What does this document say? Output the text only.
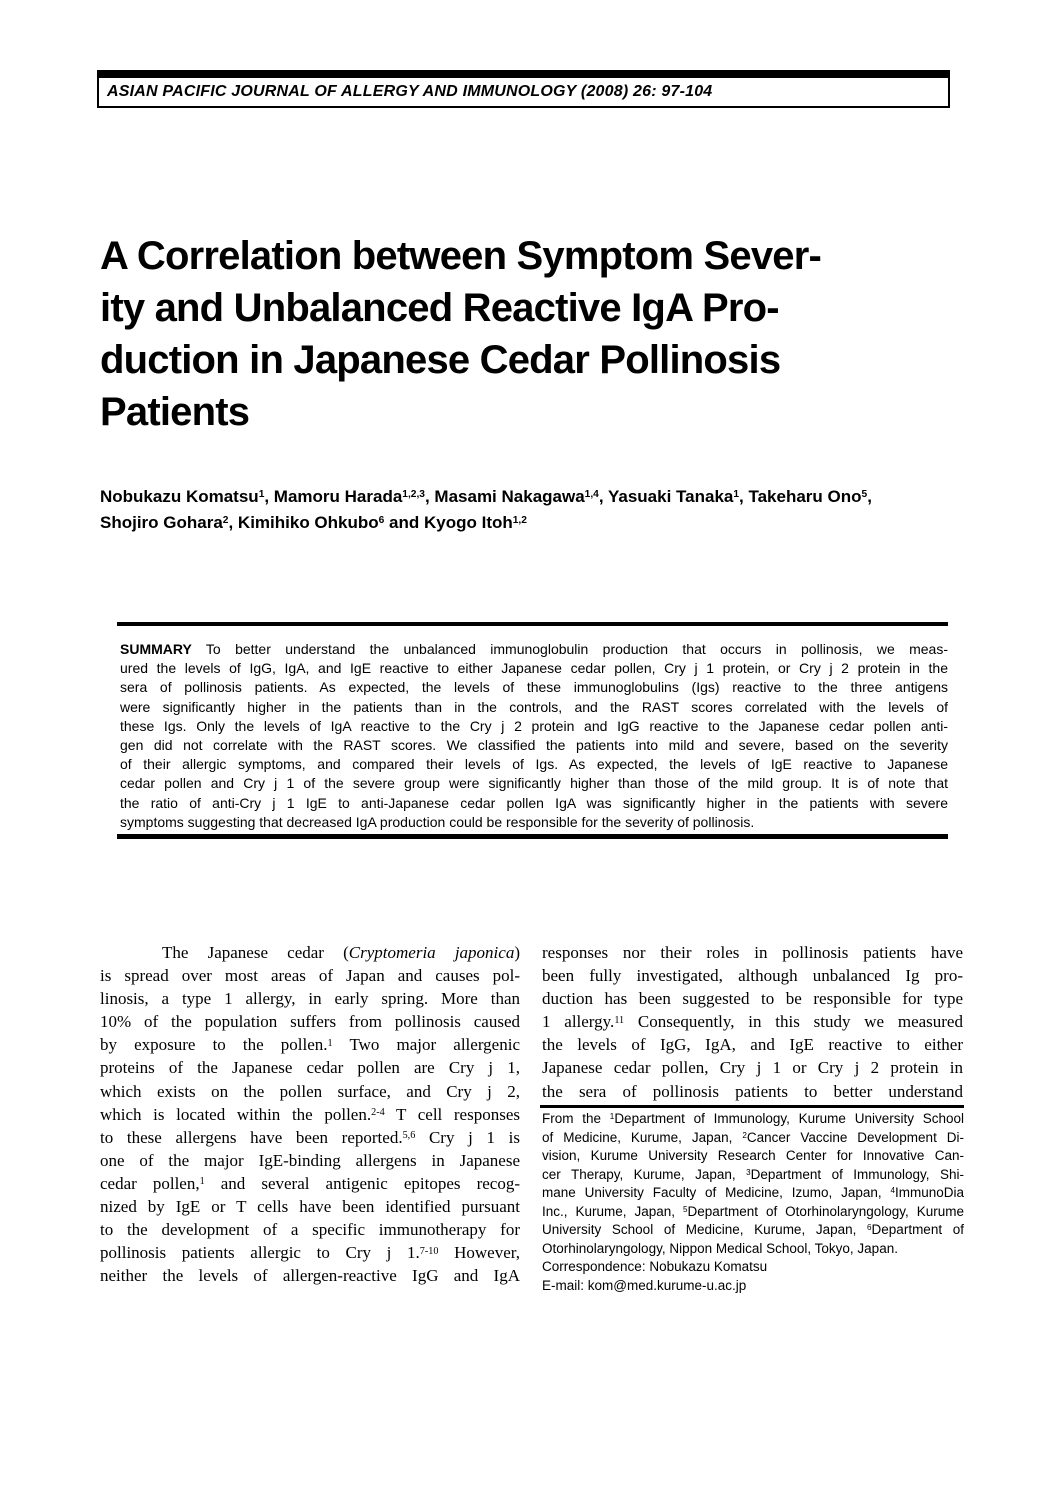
ASIAN PACIFIC JOURNAL OF ALLERGY AND IMMUNOLOGY (2008) 26: 97-104
A Correlation between Symptom Sever-
ity and Unbalanced Reactive IgA Pro-
duction in Japanese Cedar Pollinosis
Patients
Nobukazu Komatsu$^1$, Mamoru Harada$^{1,2,3}$, Masami Nakagawa$^{1,4}$, Yasuaki Tanaka$^1$, Takeharu Ono$^5$,
Shojiro Gohara$^2$, Kimihiko Ohkubo$^6$ and Kyogo Itoh$^{1,2}$
SUMMARY To better understand the unbalanced immunoglobulin production that occurs in pollinosis, we meas-
ured the levels of IgG, IgA, and IgE reactive to either Japanese cedar pollen, Cry j 1 protein, or Cry j 2 protein in the
sera of pollinosis patients. As expected, the levels of these immunoglobulins (Igs) reactive to the three antigens
were significantly higher in the patients than in the controls, and the RAST scores correlated with the levels of
these Igs. Only the levels of IgA reactive to the Cry j 2 protein and IgG reactive to the Japanese cedar pollen anti-
gen did not correlate with the RAST scores. We classified the patients into mild and severe, based on the severity
of their allergic symptoms, and compared their levels of Igs. As expected, the levels of IgE reactive to Japanese
cedar pollen and Cry j 1 of the severe group were significantly higher than those of the mild group. It is of note that
the ratio of anti-Cry j 1 IgE to anti-Japanese cedar pollen IgA was significantly higher in the patients with severe
symptoms suggesting that decreased IgA production could be responsible for the severity of pollinosis.
The Japanese cedar (Cryptomeria japonica)
is spread over most areas of Japan and causes pol-
linosis, a type 1 allergy, in early spring. More than
10% of the population suffers from pollinosis caused
by exposure to the pollen.$^1$ Two major allergenic
proteins of the Japanese cedar pollen are Cry j 1,
which exists on the pollen surface, and Cry j 2,
which is located within the pollen.$^{2-4}$ T cell responses
to these allergens have been reported.$^{5,6}$ Cry j 1 is
one of the major IgE-binding allergens in Japanese
cedar pollen,$^1$ and several antigenic epitopes recog-
nized by IgE or T cells have been identified pursuant
to the development of a specific immunotherapy for
pollinosis patients allergic to Cry j 1.$^{7-10}$ However,
neither the levels of allergen-reactive IgG and IgA
responses nor their roles in pollinosis patients have
been fully investigated, although unbalanced Ig pro-
duction has been suggested to be responsible for type
1 allergy.$^{11}$ Consequently, in this study we measured
the levels of IgG, IgA, and IgE reactive to either
Japanese cedar pollen, Cry j 1 or Cry j 2 protein in
the sera of pollinosis patients to better understand
From the $^1$Department of Immunology, Kurume University School
of Medicine, Kurume, Japan, $^2$Cancer Vaccine Development Di-
vision, Kurume University Research Center for Innovative Can-
cer Therapy, Kurume, Japan, $^3$Department of Immunology, Shi-
mane University Faculty of Medicine, Izumo, Japan, $^4$ImmunoDia
Inc., Kurume, Japan, $^5$Department of Otorhinolaryngology, Kurume
University School of Medicine, Kurume, Japan, $^6$Department of
Otorhinolaryngology, Nippon Medical School, Tokyo, Japan.
Correspondence: Nobukazu Komatsu
E-mail: kom@med.kurume-u.ac.jp
